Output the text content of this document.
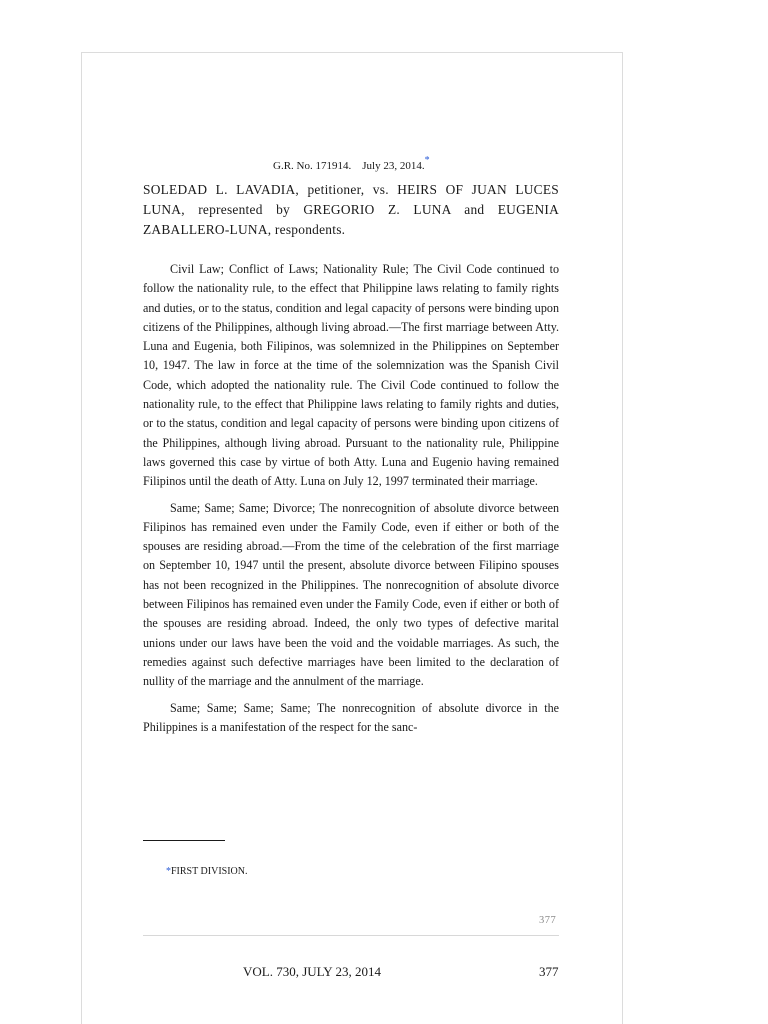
G.R. No. 171914. July 23, 2014.*
SOLEDAD L. LAVADIA, petitioner, vs. HEIRS OF JUAN LUCES LUNA, represented by GREGORIO Z. LUNA and EUGENIA ZABALLERO-LUNA, respondents.

Civil Law; Conflict of Laws; Nationality Rule; The Civil Code continued to follow the nationality rule, to the effect that Philippine laws relating to family rights and duties, or to the status, condition and legal capacity of persons were binding upon citizens of the Philippines, although living abroad.—The first marriage between Atty. Luna and Eugenia, both Filipinos, was solemnized in the Philippines on September 10, 1947. The law in force at the time of the solemnization was the Spanish Civil Code, which adopted the nationality rule. The Civil Code continued to follow the nationality rule, to the effect that Philippine laws relating to family rights and duties, or to the status, condition and legal capacity of persons were binding upon citizens of the Philippines, although living abroad. Pursuant to the nationality rule, Philippine laws governed this case by virtue of both Atty. Luna and Eugenio having remained Filipinos until the death of Atty. Luna on July 12, 1997 terminated their marriage.

Same; Same; Same; Divorce; The nonrecognition of absolute divorce between Filipinos has remained even under the Family Code, even if either or both of the spouses are residing abroad.—From the time of the celebration of the first marriage on September 10, 1947 until the present, absolute divorce between Filipino spouses has not been recognized in the Philippines. The nonrecognition of absolute divorce between Filipinos has remained even under the Family Code, even if either or both of the spouses are residing abroad. Indeed, the only two types of defective marital unions under our laws have been the void and the voidable marriages. As such, the remedies against such defective marriages have been limited to the declaration of nullity of the marriage and the annulment of the marriage.

Same; Same; Same; Same; The nonrecognition of absolute divorce in the Philippines is a manifestation of the respect for the sanc-

*FIRST DIVISION.
377
VOL. 730, JULY 23, 2014	377
